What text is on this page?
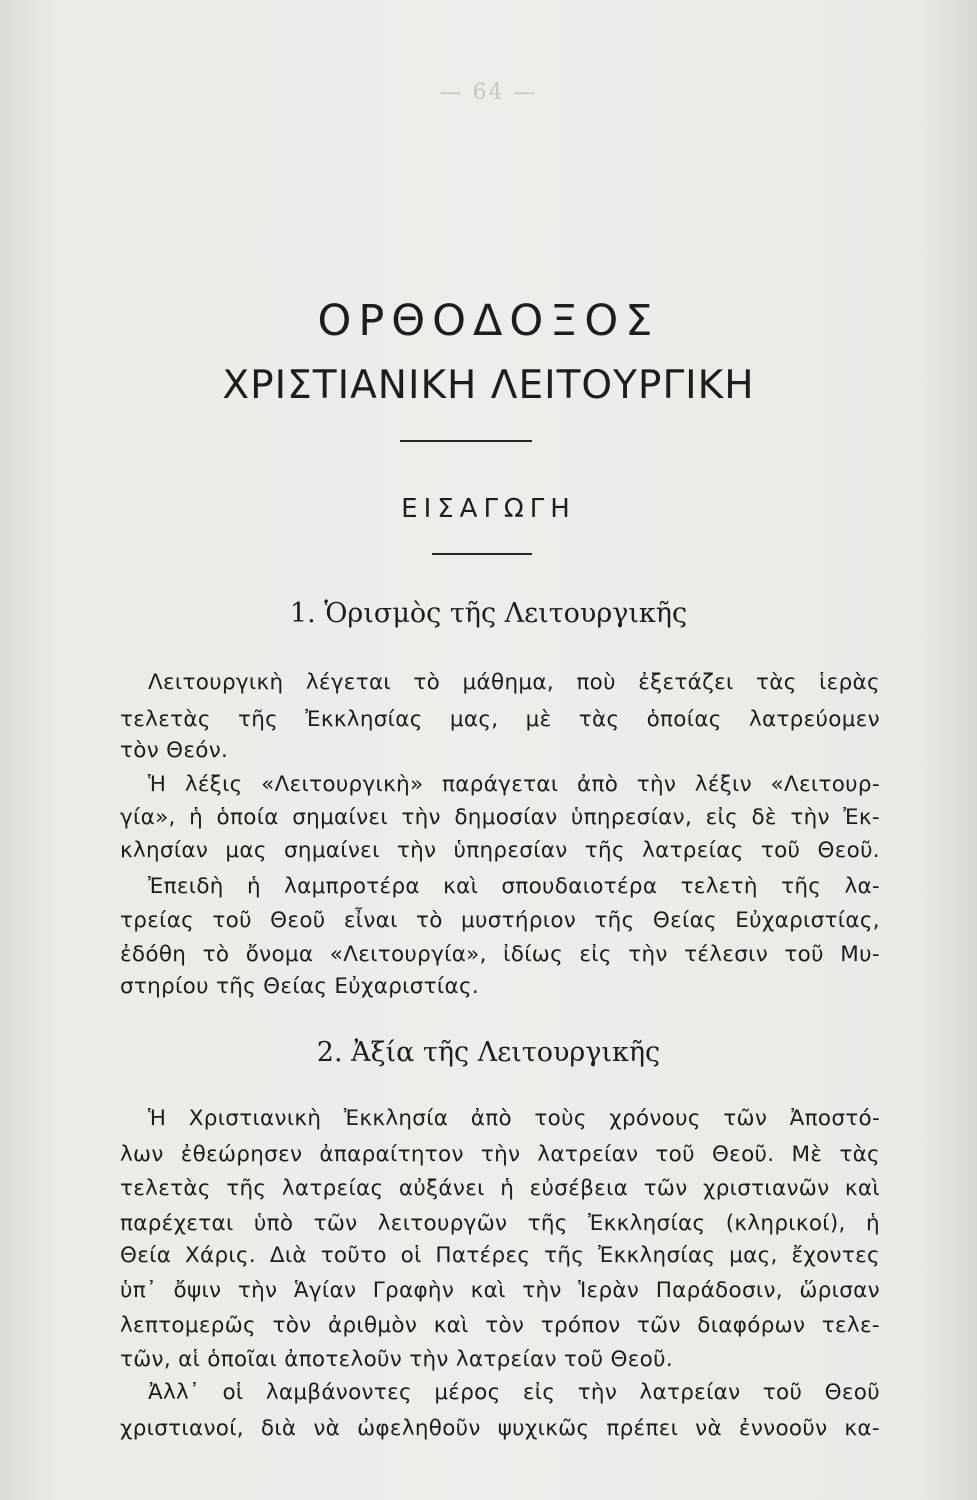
— 64 —
ΟΡΘΟΔΟΞΟΣ
ΧΡΙΣΤΙΑΝΙΚΗ ΛΕΙΤΟΥΡΓΙΚΗ
ΕΙΣΑΓΩΓΗ
1. Ὁρισμὸς τῆς Λειτουργικῆς
Λειτουργικὴ λέγεται τὸ μάθημα, ποὺ ἐξετάζει τὰς ἱερὰς
τελετὰς τῆς Ἐκκλησίας μας, μὲ τὰς ὁποίας λατρεύομεν
τὸν Θεόν.
Ἡ λέξις «Λειτουργικὴ» παράγεται ἀπὸ τὴν λέξιν «Λειτουρ-
γία», ἡ ὁποία σημαίνει τὴν δημοσίαν ὑπηρεσίαν, εἰς δὲ τὴν Ἐκ-
κλησίαν μας σημαίνει τὴν ὑπηρεσίαν τῆς λατρείας τοῦ Θεοῦ.
Ἐπειδὴ ἡ λαμπροτέρα καὶ σπουδαιοτέρα τελετὴ τῆς λα-
τρείας τοῦ Θεοῦ εἶναι τὸ μυστήριον τῆς Θείας Εὐχαριστίας,
ἐδόθη τὸ ὄνομα «Λειτουργία», ἰδίως εἰς τὴν τέλεσιν τοῦ Μυ-
στηρίου τῆς Θείας Εὐχαριστίας.
2. Ἀξία τῆς Λειτουργικῆς
Ἡ Χριστιανικὴ Ἐκκλησία ἀπὸ τοὺς χρόνους τῶν Ἀποστό-
λων ἐθεώρησεν ἀπαραίτητον τὴν λατρείαν τοῦ Θεοῦ. Μὲ τὰς
τελετὰς τῆς λατρείας αὐξάνει ἡ εὐσέβεια τῶν χριστιανῶν καὶ
παρέχεται ὑπὸ τῶν λειτουργῶν τῆς Ἐκκλησίας (κληρικοί), ἡ
Θεία Χάρις. Διὰ τοῦτο οἱ Πατέρες τῆς Ἐκκλησίας μας, ἔχοντες
ὑπ᾿ ὄψιν τὴν Ἁγίαν Γραφὴν καὶ τὴν Ἱερὰν Παράδοσιν, ὥρισαν
λεπτομερῶς τὸν ἀριθμὸν καὶ τὸν τρόπον τῶν διαφόρων τελε-
τῶν, αἱ ὁποῖαι ἀποτελοῦν τὴν λατρείαν τοῦ Θεοῦ.
Ἀλλ᾿ οἱ λαμβάνοντες μέρος εἰς τὴν λατρείαν τοῦ Θεοῦ
χριστιανοί, διὰ νὰ ὠφεληθοῦν ψυχικῶς πρέπει νὰ ἐννοοῦν κα-
